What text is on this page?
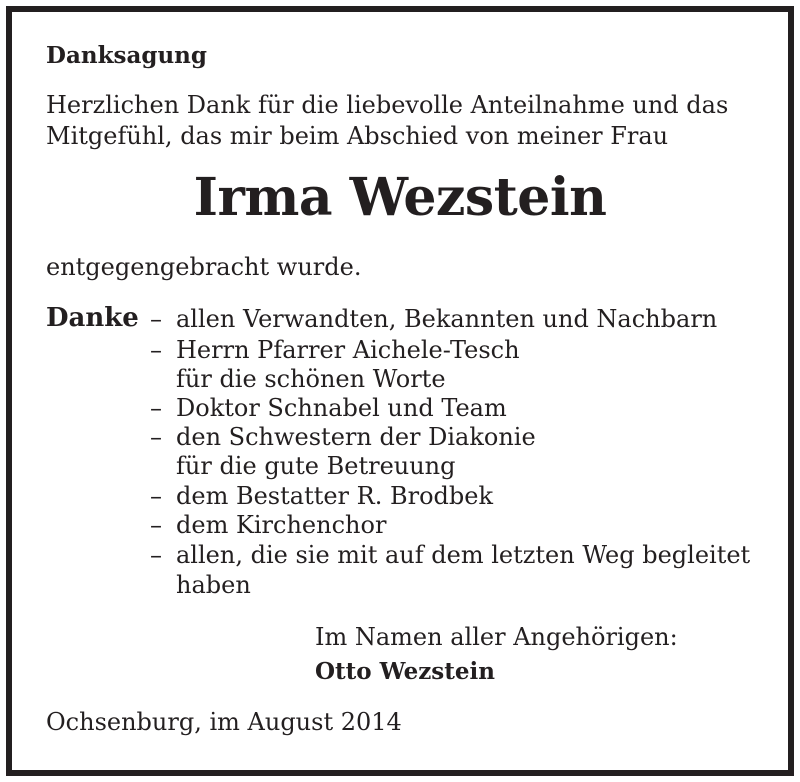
Danksagung
Herzlichen Dank für die liebevolle Anteilnahme und das
Mitgefühl, das mir beim Abschied von meiner Frau
Irma Wezstein
entgegengebracht wurde.
Danke – allen Verwandten, Bekannten und Nachbarn
– Herrn Pfarrer Aichele-Tesch
für die schönen Worte
– Doktor Schnabel und Team
– den Schwestern der Diakonie
für die gute Betreuung
– dem Bestatter R. Brodbek
– dem Kirchenchor
– allen, die sie mit auf dem letzten Weg begleitet
haben
Im Namen aller Angehörigen:
Otto Wezstein
Ochsenburg, im August 2014
